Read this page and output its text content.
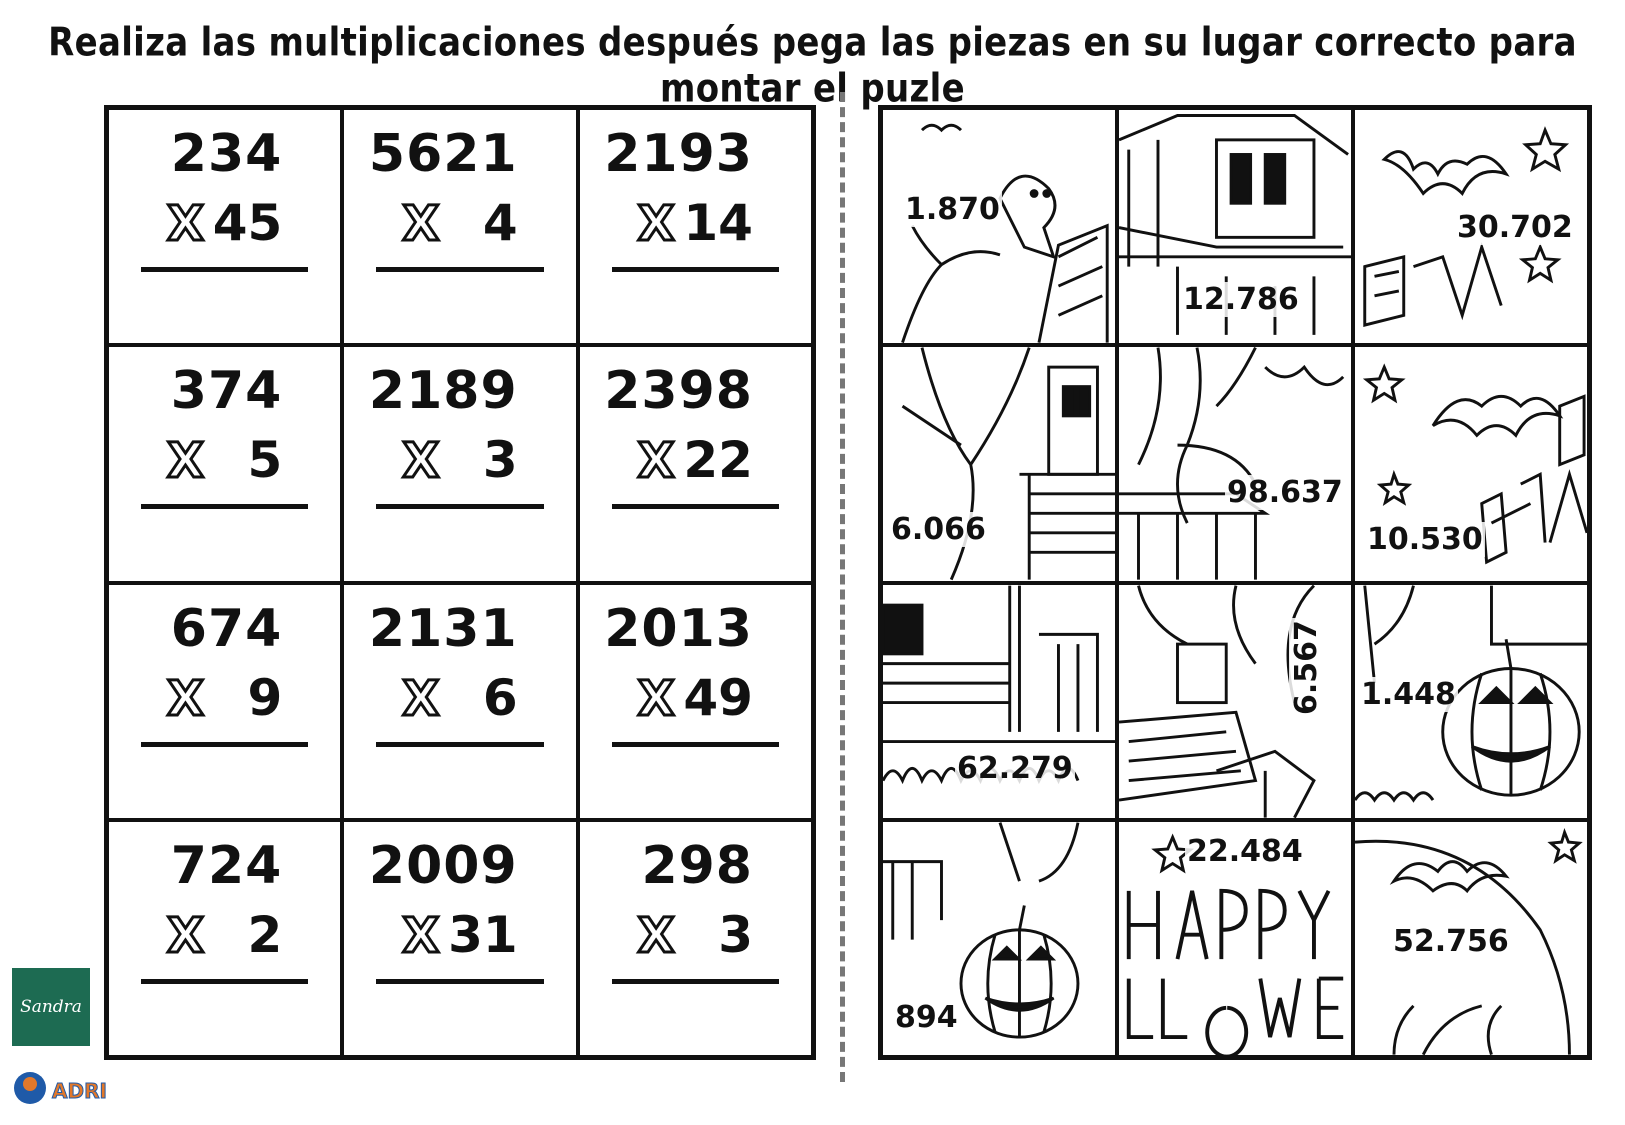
Realiza las multiplicaciones después pega las piezas en su lugar correcto para montar el puzle
234
X 45
5621
X 4
2193
X 14
374
X 5
2189
X 3
2398
X 22
674
X 9
2131
X 6
2013
X 49
724
X 2
2009
X 31
298
X 3
1.870
12.786
30.702
6.066
98.637
10.530
62.279
6.567 1.448
894
22.484
52.756
Sandra
ADRI
